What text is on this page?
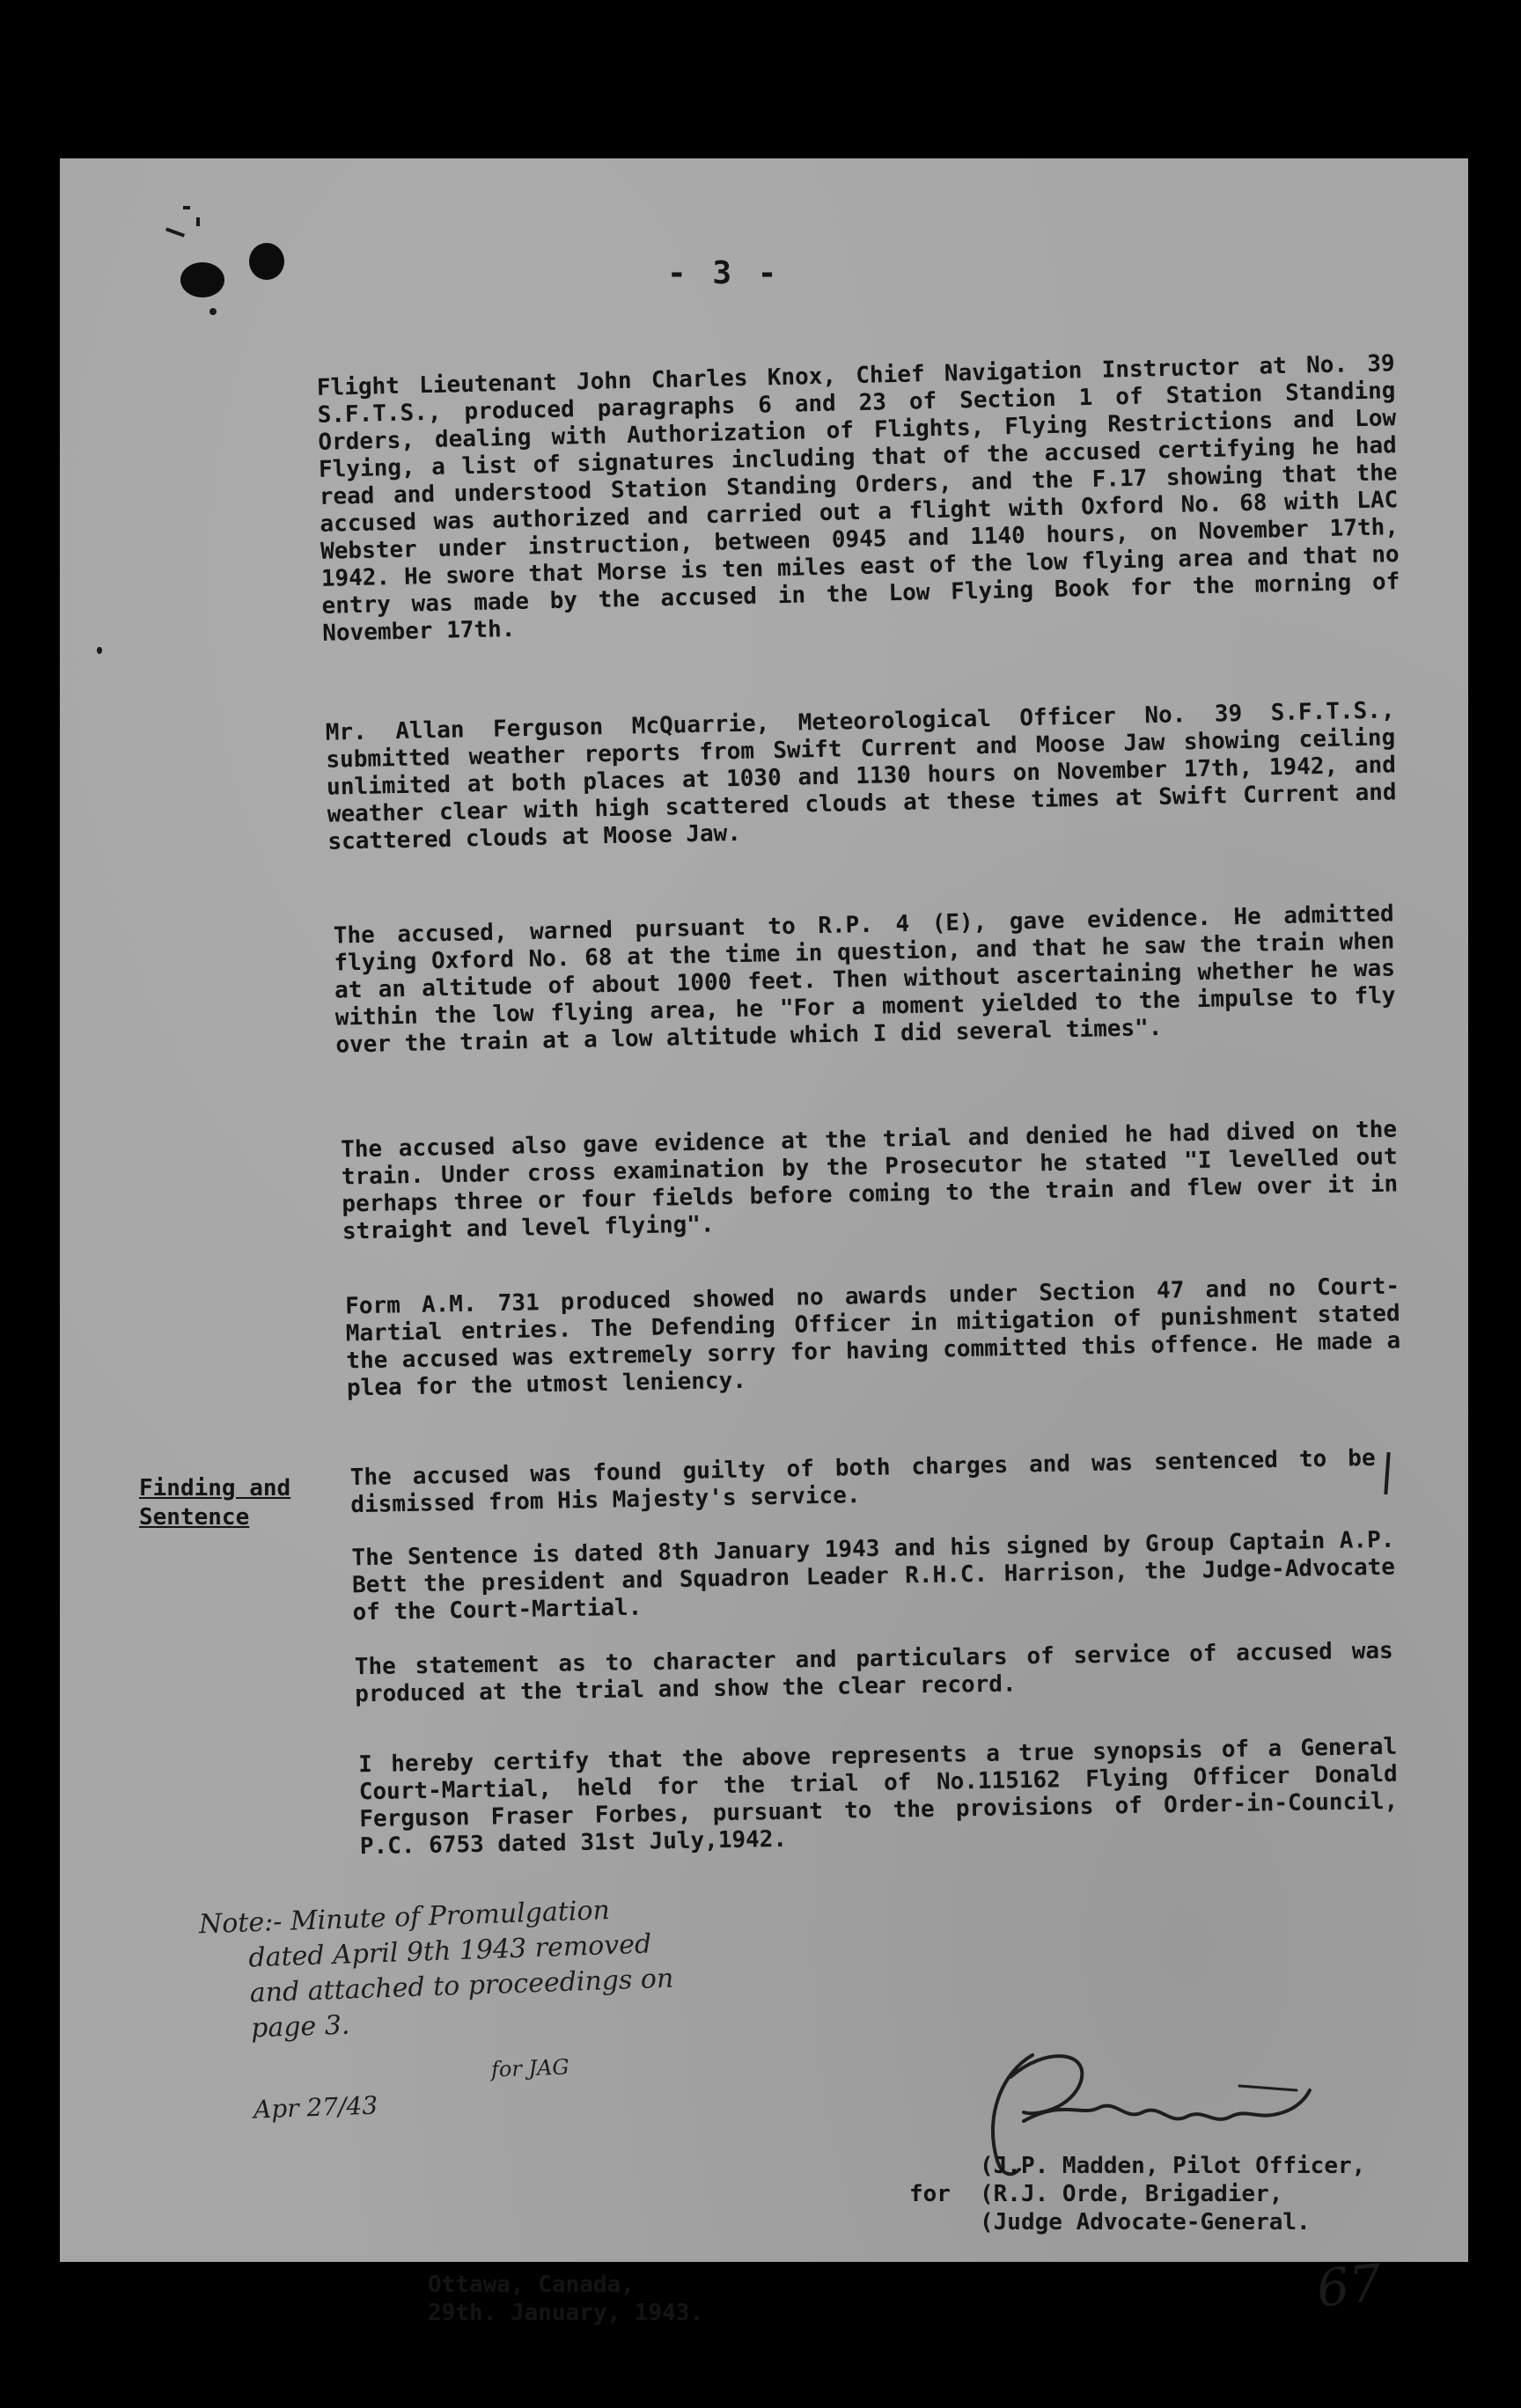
- 3 -

Flight Lieutenant John Charles Knox, Chief Navigation Instructor at No. 39 S.F.T.S., produced paragraphs 6 and 23 of Section 1 of Station Standing Orders, dealing with Authorization of Flights, Flying Restrictions and Low Flying, a list of signatures including that of the accused certifying he had read and understood Station Standing Orders, and the F.17 showing that the accused was authorized and carried out a flight with Oxford No. 68 with LAC Webster under instruction, between 0945 and 1140 hours, on November 17th, 1942. He swore that Morse is ten miles east of the low flying area and that no entry was made by the accused in the Low Flying Book for the morning of November 17th.

Mr. Allan Ferguson McQuarrie, Meteorological Officer No. 39 S.F.T.S., submitted weather reports from Swift Current and Moose Jaw showing ceiling unlimited at both places at 1030 and 1130 hours on November 17th, 1942, and weather clear with high scattered clouds at these times at Swift Current and scattered clouds at Moose Jaw.

The accused, warned pursuant to R.P. 4 (E), gave evidence. He admitted flying Oxford No. 68 at the time in question, and that he saw the train when at an altitude of about 1000 feet. Then without ascertaining whether he was within the low flying area, he "For a moment yielded to the impulse to fly over the train at a low altitude which I did several times".

The accused also gave evidence at the trial and denied he had dived on the train. Under cross examination by the Prosecutor he stated "I levelled out perhaps three or four fields before coming to the train and flew over it in straight and level flying".

Form A.M. 731 produced showed no awards under Section 47 and no Court-Martial entries. The Defending Officer in mitigation of punishment stated the accused was extremely sorry for having committed this offence. He made a plea for the utmost leniency.

Finding and
Sentence

The accused was found guilty of both charges and was sentenced to be dismissed from His Majesty's service.

The Sentence is dated 8th January 1943 and his signed by Group Captain A.P. Bett the president and Squadron Leader R.H.C. Harrison, the Judge-Advocate of the Court-Martial.

The statement as to character and particulars of service of accused was produced at the trial and show the clear record.

I hereby certify that the above represents a true synopsis of a General Court-Martial, held for the trial of No.115162 Flying Officer Donald Ferguson Fraser Forbes, pursuant to the provisions of Order-in-Council, P.C. 6753 dated 31st July,1942.

Note:- Minute of Promulgation
dated April 9th 1943 removed
and attached to proceedings on
page 3.
Apr 27/43
for JAG
for
(J.P. Madden, Pilot Officer,
(R.J. Orde, Brigadier,
(Judge Advocate-General.
Ottawa, Canada,
29th. January, 1943.	67
